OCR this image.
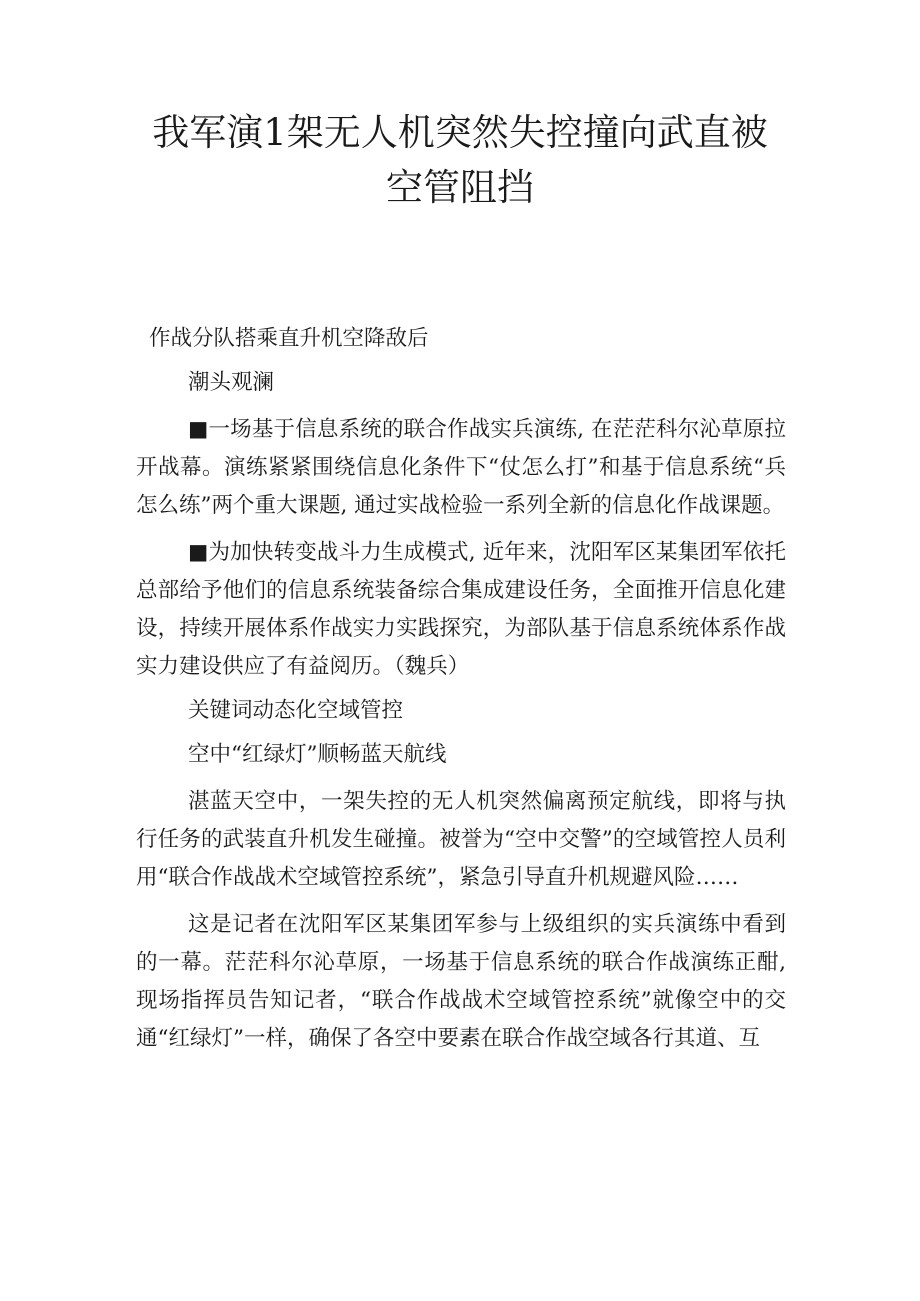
我军演1架无人机突然失控撞向武直被
空管阻挡

作战分队搭乘直升机空降敌后

潮头观澜

■一场基于信息系统的联合作战实兵演练, 在茫茫科尔沁草原拉开战幕。演练紧紧围绕信息化条件下“仗怎么打”和基于信息系统“兵怎么练”两个重大课题, 通过实战检验一系列全新的信息化作战课题。

■为加快转变战斗力生成模式, 近年来，沈阳军区某集团军依托总部给予他们的信息系统装备综合集成建设任务，全面推开信息化建设，持续开展体系作战实力实践探究，为部队基于信息系统体系作战实力建设供应了有益阅历。（魏兵）

关键词动态化空域管控

空中“红绿灯”顺畅蓝天航线

湛蓝天空中，一架失控的无人机突然偏离预定航线，即将与执行任务的武装直升机发生碰撞。被誉为“空中交警”的空域管控人员利用“联合作战战术空域管控系统”，紧急引导直升机规避风险……

这是记者在沈阳军区某集团军参与上级组织的实兵演练中看到的一幕。茫茫科尔沁草原，一场基于信息系统的联合作战演练正酣, 现场指挥员告知记者，“联合作战战术空域管控系统”就像空中的交通“红绿灯”一样，确保了各空中要素在联合作战空域各行其道、互
